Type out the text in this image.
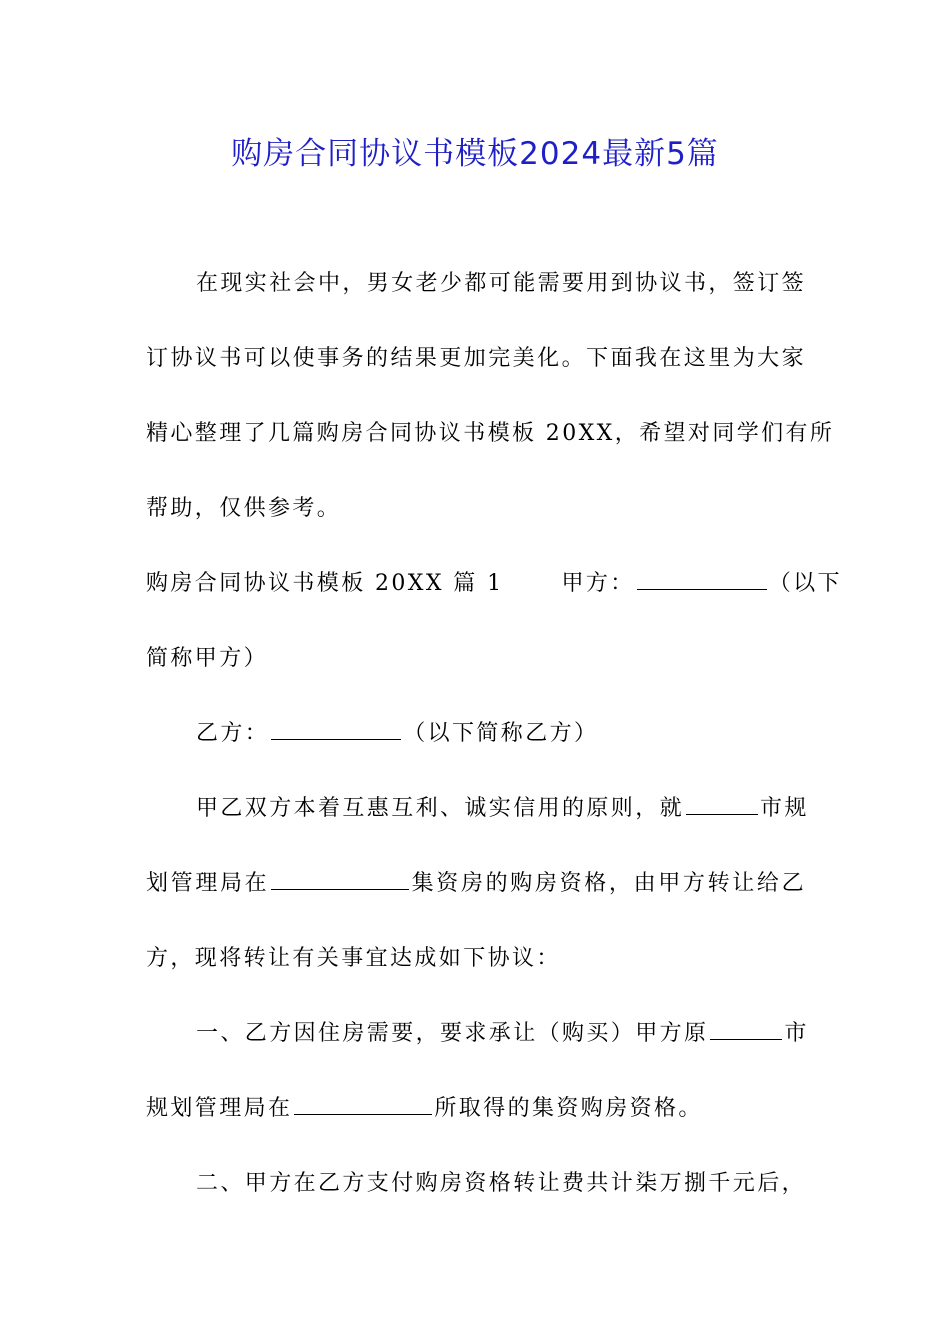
购房合同协议书模板2024最新5篇
在现实社会中，男女老少都可能需要用到协议书，签订签
订协议书可以使事务的结果更加完美化。下面我在这里为大家
精心整理了几篇购房合同协议书模板 20XX，希望对同学们有所
帮助，仅供参考。
购房合同协议书模板 20XX 篇 1	甲方：	（以下
简称甲方）
乙方：	（以下简称乙方）
甲乙双方本着互惠互利、诚实信用的原则，就	市规
划管理局在	集资房的购房资格，由甲方转让给乙
方，现将转让有关事宜达成如下协议：
一、乙方因住房需要，要求承让（购买）甲方原	市
规划管理局在	所取得的集资购房资格。
二、甲方在乙方支付购房资格转让费共计柒万捌千元后，
